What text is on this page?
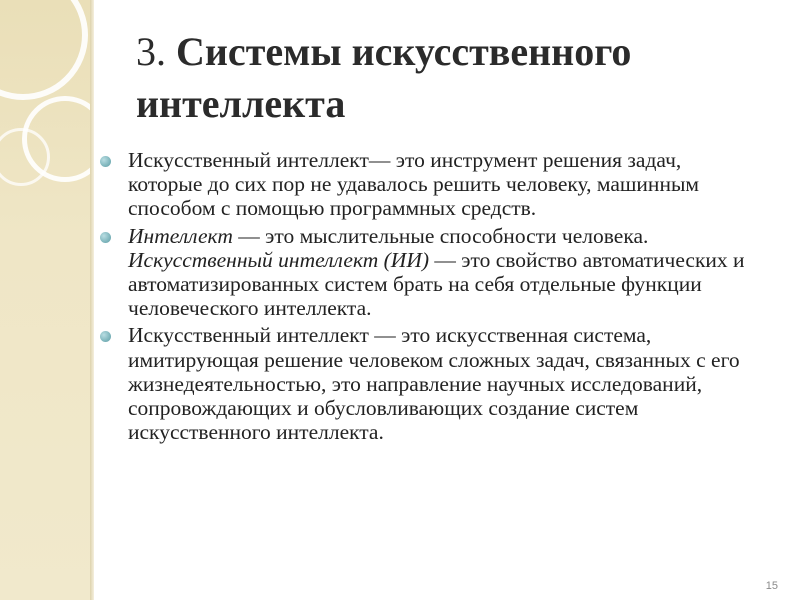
3. Системы искусственного интеллекта
Искусственный интеллект— это инструмент решения задач, которые до сих пор не удавалось решить человеку, машинным способом с помощью программных средств.
Интеллект — это мыслительные способности человека. Искусственный интеллект (ИИ) — это свойство автоматических и автоматизированных систем брать на себя отдельные функции человеческого интеллекта.
Искусственный интеллект — это искусственная система, имитирующая решение человеком сложных задач, связанных с его жизнедеятельностью, это направление научных исследований, сопровождающих и обусловливающих создание систем искусственного интеллекта.
15
